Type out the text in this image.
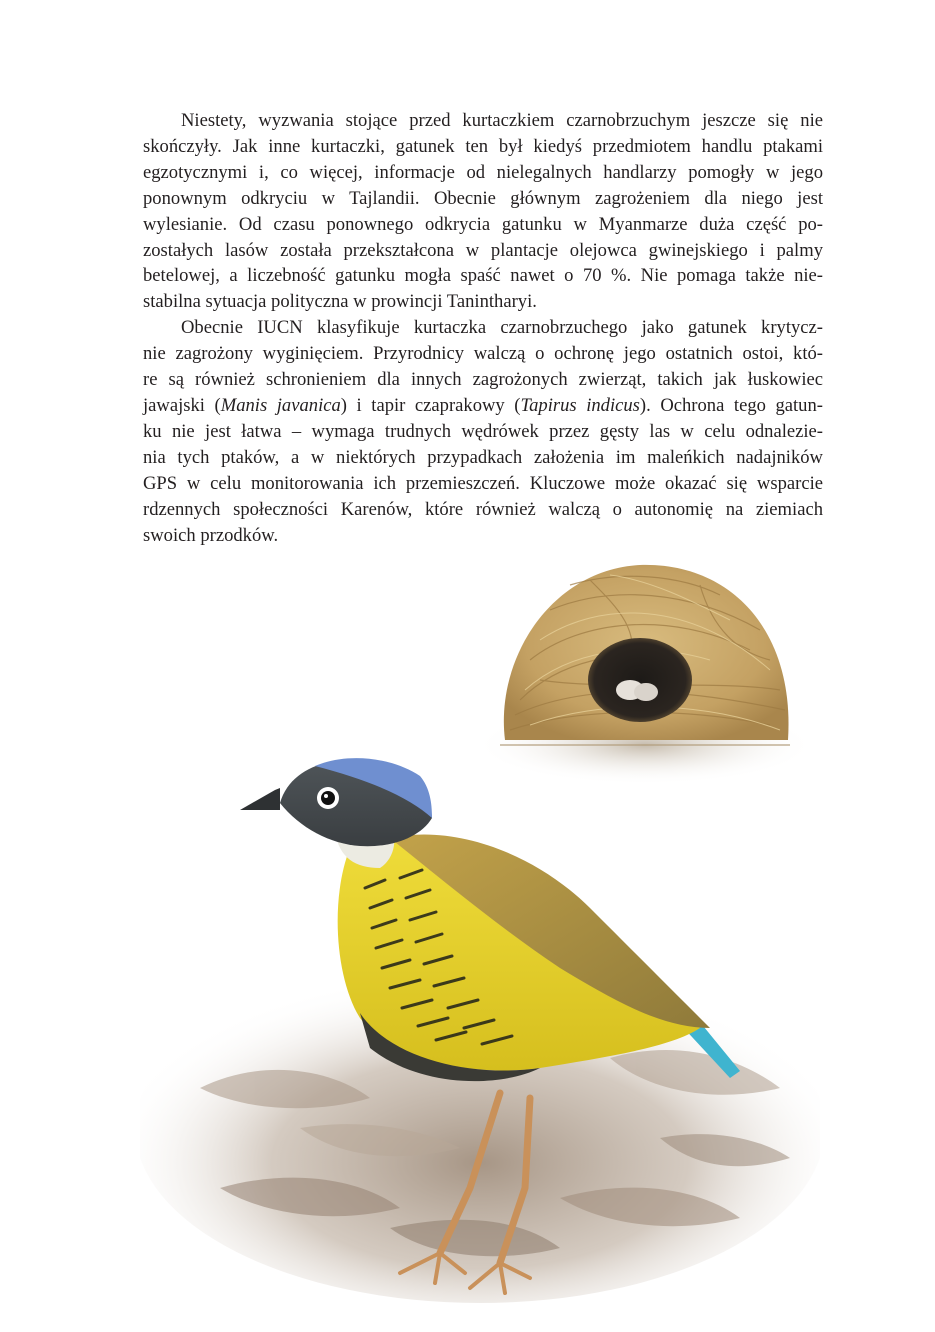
Niestety, wyzwania stojące przed kurtaczkiem czarnobrzuchym jeszcze się nie
skończyły. Jak inne kurtaczki, gatunek ten był kiedyś przedmiotem handlu ptakami
egzotycznymi i, co więcej, informacje od nielegalnych handlarzy pomogły w jego
ponownym odkryciu w Tajlandii. Obecnie głównym zagrożeniem dla niego jest
wylesianie. Od czasu ponownego odkrycia gatunku w Myanmarze duża część po-
zostałych lasów została przekształcona w plantacje olejowca gwinejskiego i palmy
betelowej, a liczebność gatunku mogła spaść nawet o 70 %. Nie pomaga także nie-
stabilna sytuacja polityczna w prowincji Tanintharyi.

Obecnie IUCN klasyfikuje kurtaczka czarnobrzuchego jako gatunek krytycz-
nie zagrożony wyginięciem. Przyrodnicy walczą o ochronę jego ostatnich ostoi, któ-
re są również schronieniem dla innych zagrożonych zwierząt, takich jak łuskowiec
jawajski (Manis javanica) i tapir czaprakowy (Tapirus indicus). Ochrona tego gatun-
ku nie jest łatwa – wymaga trudnych wędrówek przez gęsty las w celu odnalezie-
nia tych ptaków, a w niektórych przypadkach założenia im maleńkich nadajników
GPS w celu monitorowania ich przemieszczeń. Kluczowe może okazać się wsparcie
rdzennych społeczności Karenów, które również walczą o autonomię na ziemiach
swoich przodków.
